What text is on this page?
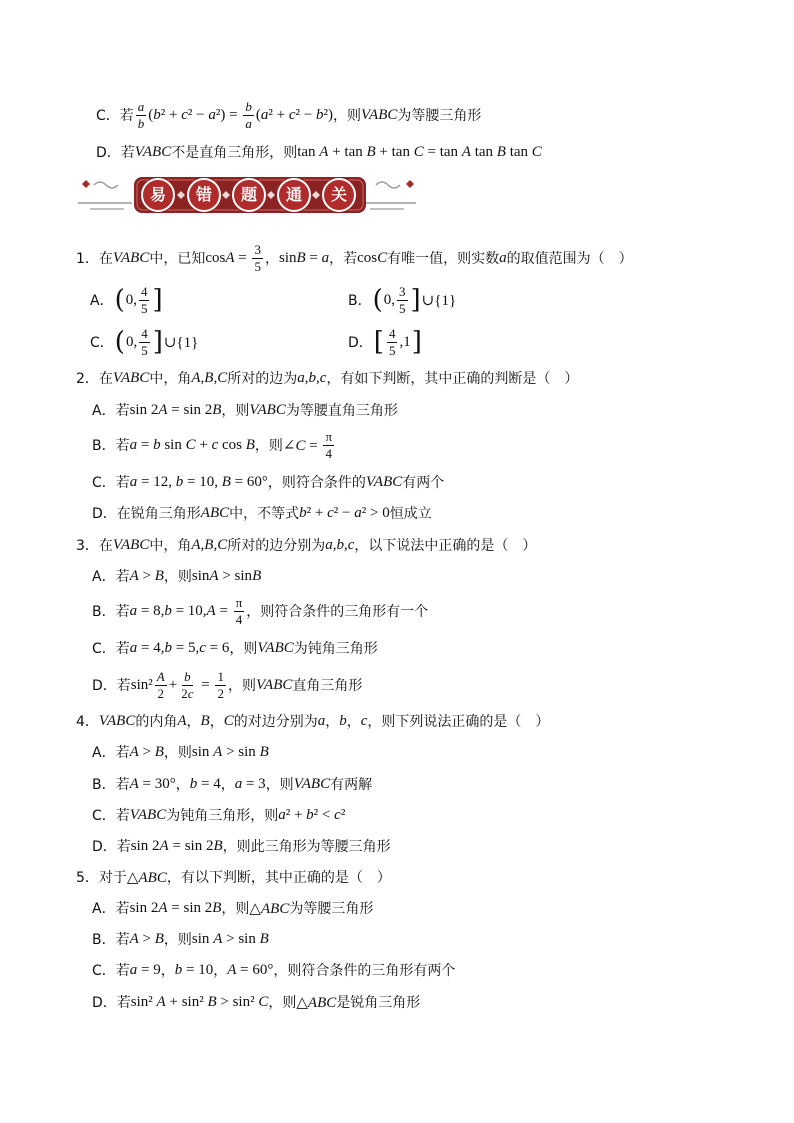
C．若 $\frac{a}{b} (b^2 + c^2 - a^2) = \frac{b}{a} (a^2 + c^2 - b^2)$ ，则 VABC 为等腰三角形
D．若 VABC 不是直角三角形，则 tan A + tan B + tan C = tan A tan B tan C
易	错	题	通	关
1．在 VABC 中，已知 $\cos A = \frac{3}{5}$ ， sinB = a ，若 cosC 有唯一值，则实数 a 的取值范围为（　）
A． ( 0, $\frac{4}{5}$ ]	B． ( 0, $\frac{3}{5}$ ] ∪{1}
C． ( 0, $\frac{4}{5}$ ] ∪{1}	D． [ $\frac{4}{5} ,1$ ]
2．在 VABC 中，角 A,B,C 所对的边为 a,b,c ，有如下判断，其中正确的判断是（　）
A．若 sin 2A = sin 2B ，则 VABC 为等腰直角三角形
B．若 a = b sin C + c cos B ，则 ∠C = $\frac{\pi}{4}$
C．若 a = 12, b = 10, B = 60° ，则符合条件的 VABC 有两个
D．在锐角三角形 ABC 中，不等式 b² + c² − a² > 0 恒成立
3．在 VABC 中，角 A,B,C 所对的边分别为 a,b,c ，以下说法中正确的是（　）
A．若 A > B ，则 sinA > sinB
B．若 $a = 8,b = 10,A = \frac{\pi}{4}$ ，则符合条件的三角形有一个
C．若 a = 4,b = 5,c = 6 ，则 VABC 为钝角三角形
D．若 $\sin^2 \frac{A}{2} + \frac{b}{2c} = \frac{1}{2}$ ，则 VABC 直角三角形
4． VABC 的内角 A ， B ， C 的对边分别为 a ， b ， c ，则下列说法正确的是（　）
A．若 A > B ，则 sin A > sin B
B．若 A = 30° ， b = 4 ， a = 3 ，则 VABC 有两解
C．若 VABC 为钝角三角形，则 a² + b² < c²
D．若 sin 2A = sin 2B ，则此三角形为等腰三角形
5．对于 △ABC ，有以下判断，其中正确的是（　）
A．若 sin 2A = sin 2B ，则 △ABC 为等腰三角形
B．若 A > B ，则 sin A > sin B
C．若 a = 9 ， b = 10 ， A = 60° ，则符合条件的三角形有两个
D．若 sin² A + sin² B > sin² C ，则 △ABC 是锐角三角形
